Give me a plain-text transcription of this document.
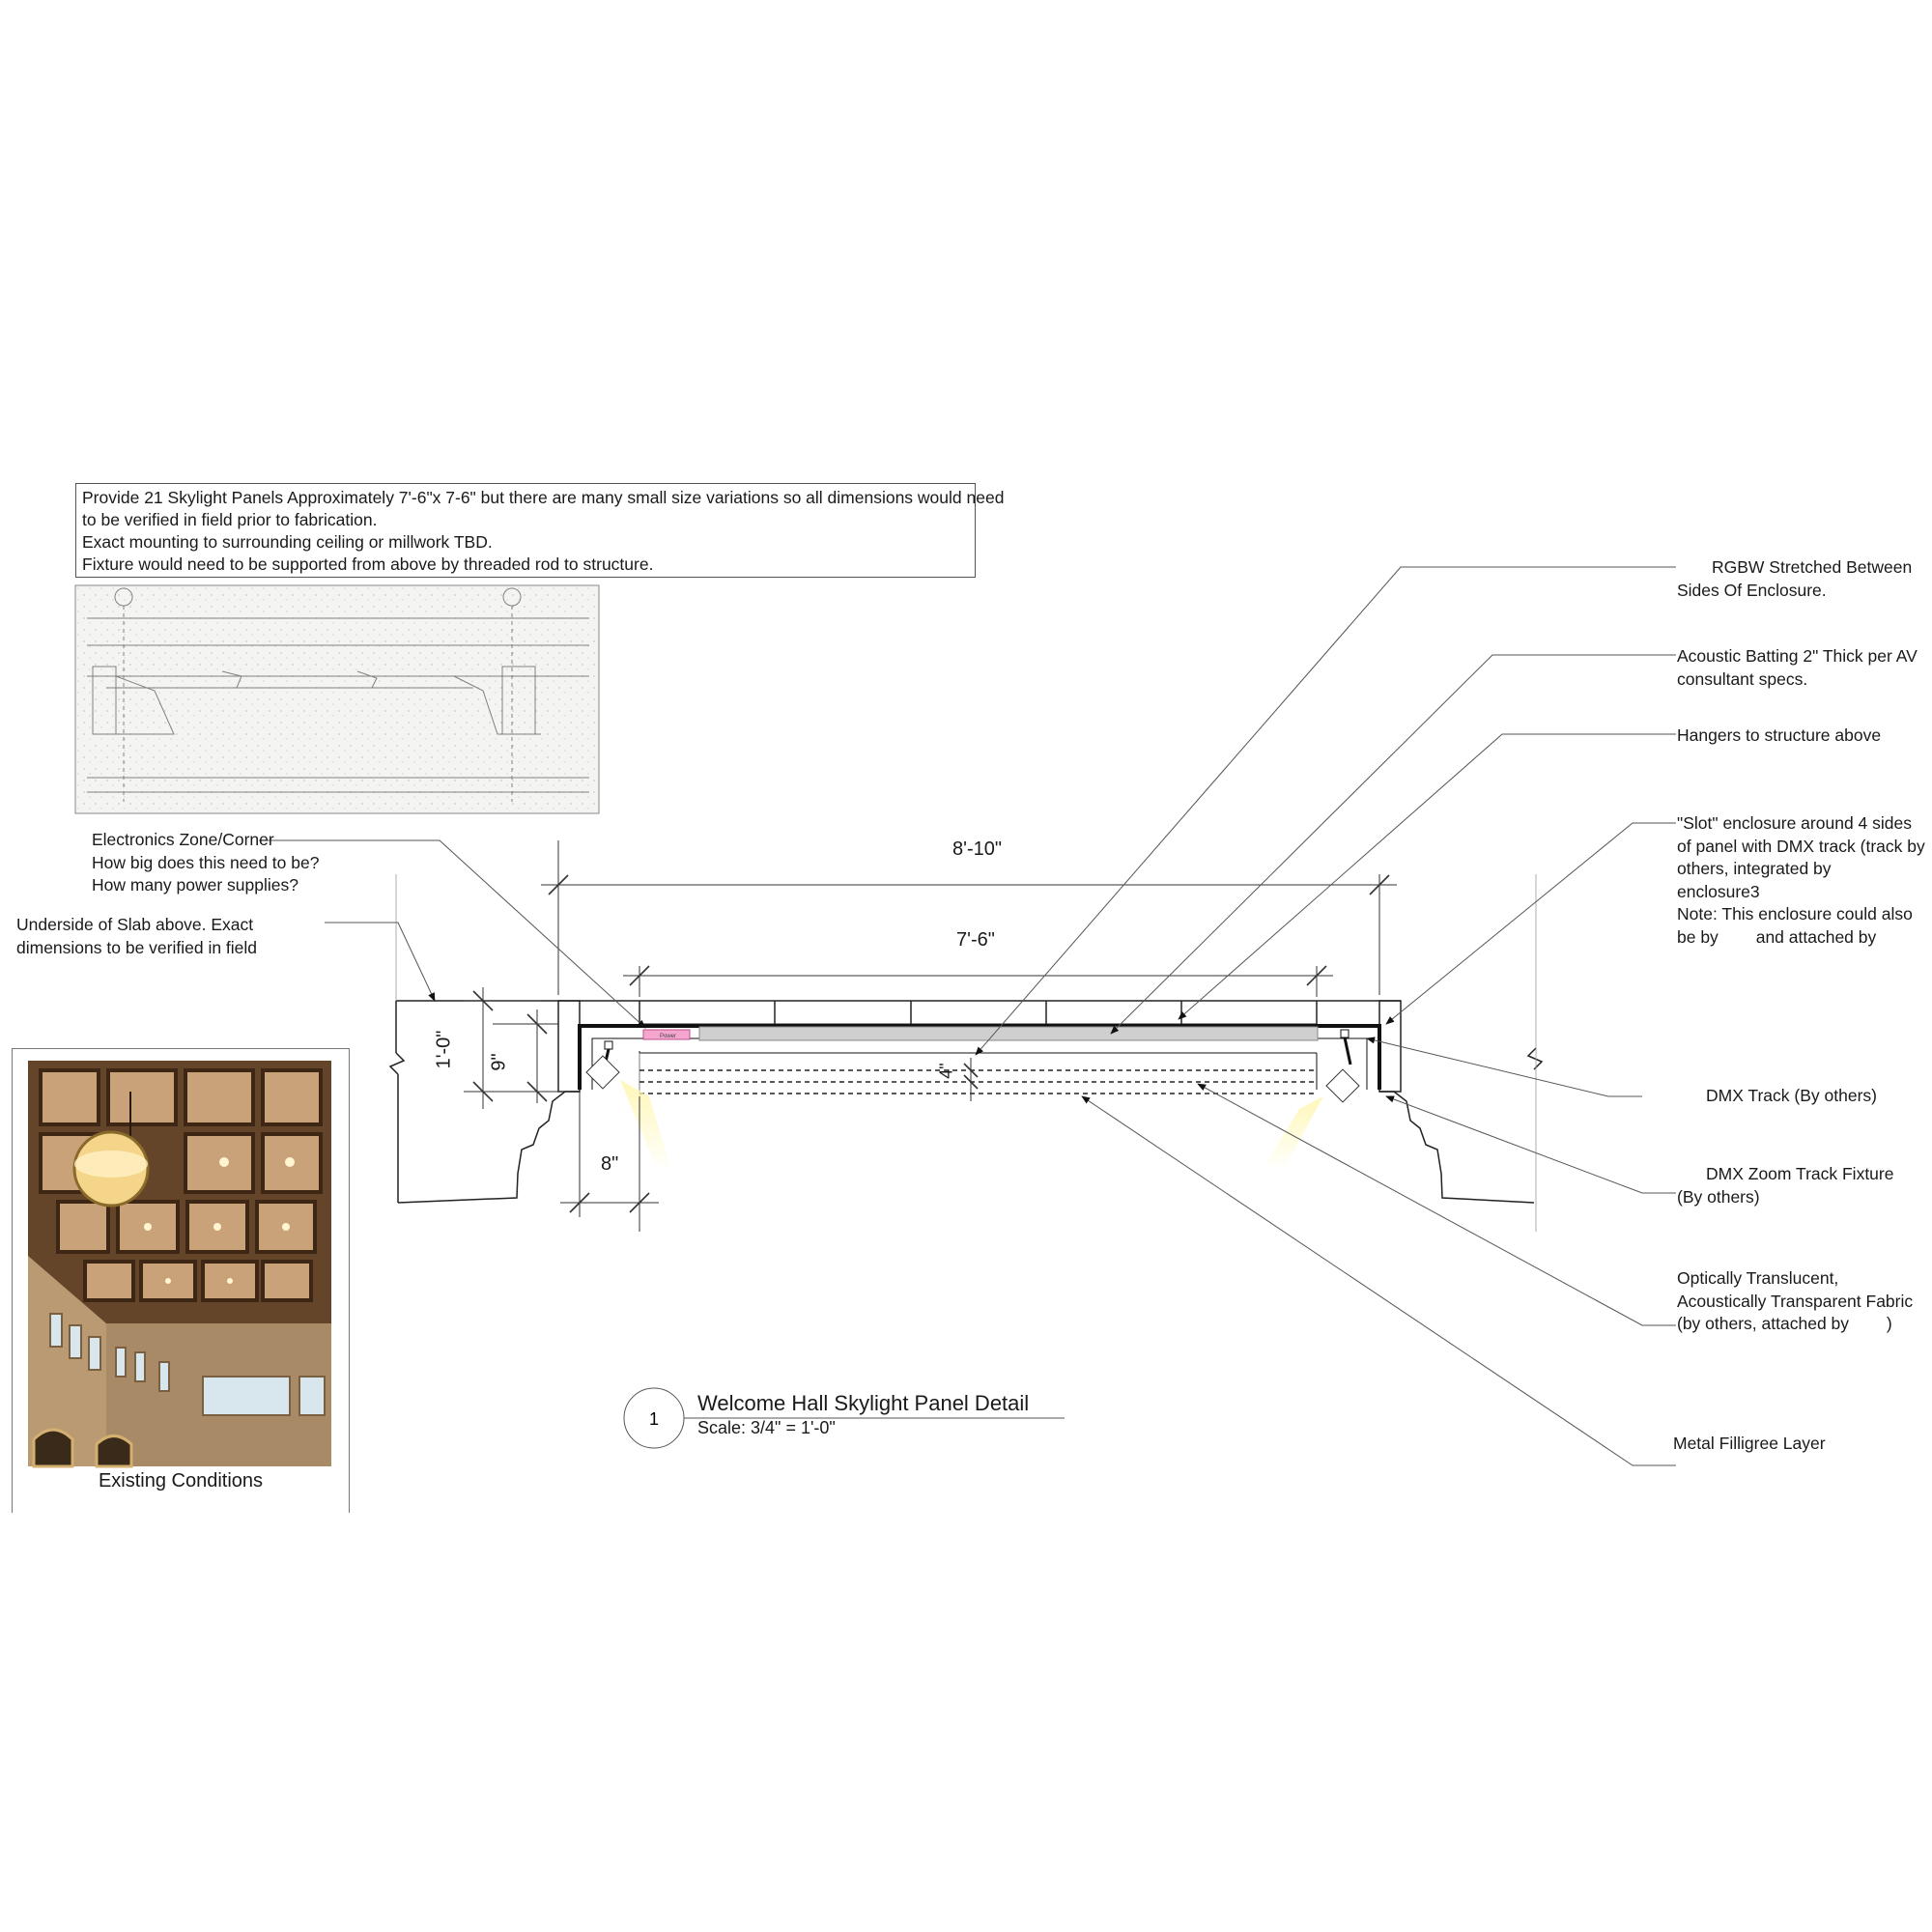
Provide 21 Skylight Panels Approximately 7'-6"x 7-6" but there are many small size variations so all dimensions would need
to be verified in field prior to fabrication.
Exact mounting to surrounding ceiling or millwork TBD.
Fixture would need to be supported from above by threaded rod to structure.
Power
1
Electronics Zone/Corner
How big does this need to be?
How many power supplies?
Underside of Slab above. Exact
dimensions to be verified in field
RGBW Stretched Between
Sides Of Enclosure.
Acoustic Batting 2" Thick per AV
consultant specs.
Hangers to structure above
"Slot" enclosure around 4 sides
of panel with DMX track (track by
others, integrated by
enclosure3
Note: This enclosure could also
be by        and attached by
DMX Track (By others)
DMX Zoom Track Fixture
(By others)
Optically Translucent,
Acoustically Transparent Fabric
(by others, attached by        )
Metal Filligree Layer
8'-10"
7'-6"
1'-0" 9"	4"
8"
Welcome Hall Skylight Panel Detail
Scale: 3/4" = 1'-0"
Existing Conditions
